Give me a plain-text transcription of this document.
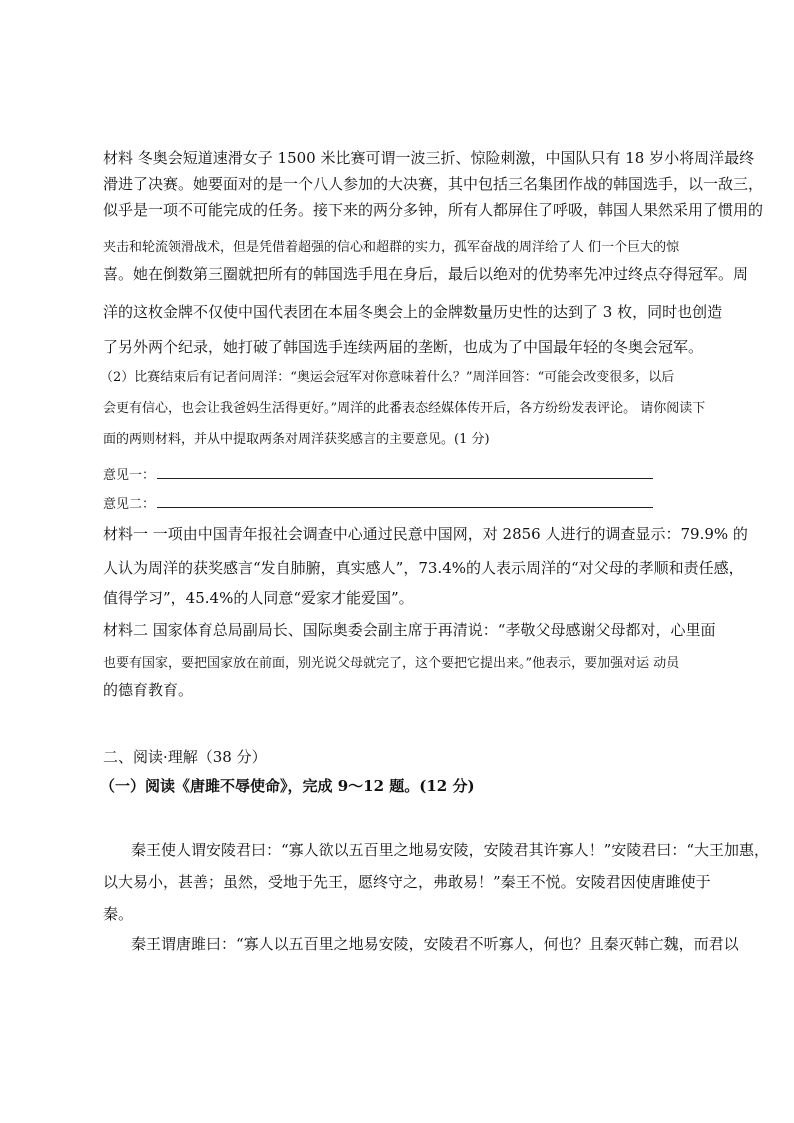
材料 冬奥会短道速滑女子 1500 米比赛可谓一波三折、惊险刺激，中国队只有 18 岁小将周洋最终
滑进了决赛。她要面对的是一个八人参加的大决赛，其中包括三名集团作战的韩国选手，以一敌三，
似乎是一项不可能完成的任务。接下来的两分多钟，所有人都屏住了呼吸，韩国人果然采用了惯用的
夹击和轮流领滑战术，但是凭借着超强的信心和超群的实力，孤军奋战的周洋给了人 们一个巨大的惊
喜。她在倒数第三圈就把所有的韩国选手甩在身后，最后以绝对的优势率先冲过终点夺得冠军。周
洋的这枚金牌不仅使中国代表团在本届冬奥会上的金牌数量历史性的达到了 3 枚，同时也创造
了另外两个纪录，她打破了韩国选手连续两届的垄断，也成为了中国最年轻的冬奥会冠军。
（2）比赛结束后有记者问周洋：“奥运会冠军对你意味着什么？”周洋回答：“可能会改变很多，以后
会更有信心，也会让我爸妈生活得更好。”周洋的此番表态经媒体传开后，各方纷纷发表评论。 请你阅读下
面的两则材料，并从中提取两条对周洋获奖感言的主要意见。(1 分)
意见一：
意见二：
材料一 一项由中国青年报社会调查中心通过民意中国网，对 2856 人进行的调查显示：79.9% 的
人认为周洋的获奖感言“发自肺腑，真实感人”，73.4%的人表示周洋的“对父母的孝顺和责任感，
值得学习”，45.4%的人同意“爱家才能爱国”。
材料二 国家体育总局副局长、国际奥委会副主席于再清说：“孝敬父母感谢父母都对，心里面
也要有国家，要把国家放在前面，别光说父母就完了，这个要把它提出来。”他表示，要加强对运 动员
的德育教育。
二、阅读·理解（38 分）
（一）阅读《唐雎不辱使命》，完成 9～12 题。(12 分)
秦王使人谓安陵君曰：“寡人欲以五百里之地易安陵，安陵君其许寡人！”安陵君曰：“大王加惠，
以大易小，甚善；虽然，受地于先王，愿终守之，弗敢易！”秦王不悦。安陵君因使唐雎使于
秦。
秦王谓唐雎曰：“寡人以五百里之地易安陵，安陵君不听寡人，何也？且秦灭韩亡魏，而君以
